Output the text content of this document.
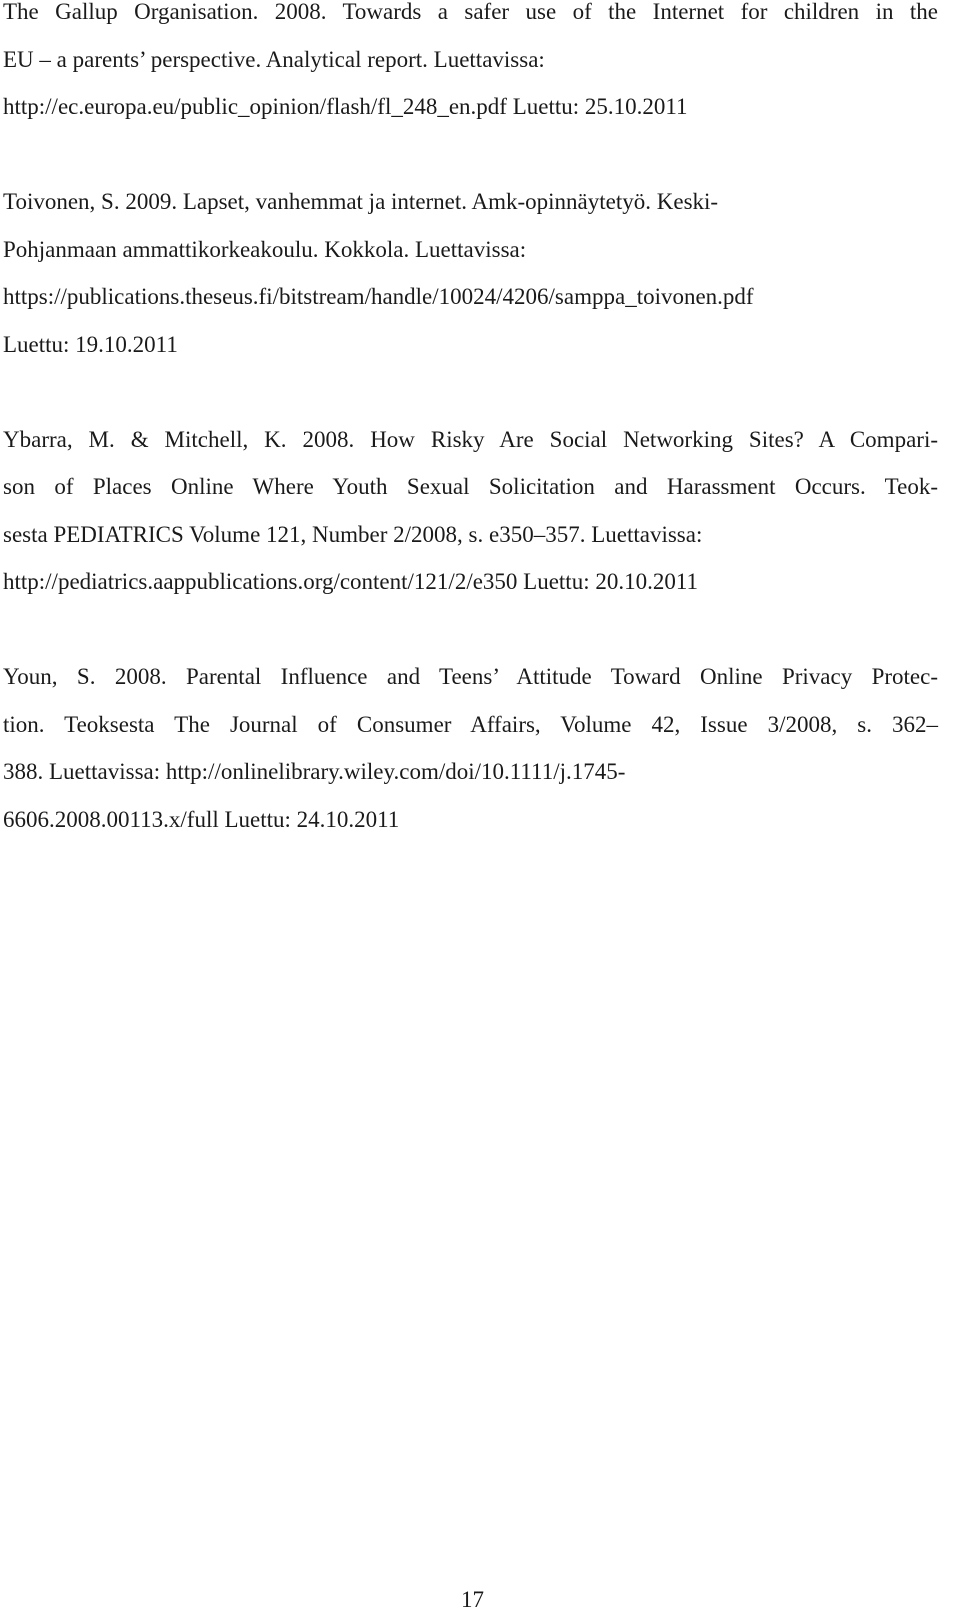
The Gallup Organisation. 2008. Towards a safer use of the Internet for children in the
EU – a parents’ perspective. Analytical report. Luettavissa:
http://ec.europa.eu/public_opinion/flash/fl_248_en.pdf Luettu: 25.10.2011
Toivonen, S. 2009. Lapset, vanhemmat ja internet. Amk-opinnäytetyö. Keski-
Pohjanmaan ammattikorkeakoulu. Kokkola. Luettavissa:
https://publications.theseus.fi/bitstream/handle/10024/4206/samppa_toivonen.pdf
Luettu: 19.10.2011
Ybarra, M. & Mitchell, K. 2008. How Risky Are Social Networking Sites? A Compari-
son of Places Online Where Youth Sexual Solicitation and Harassment Occurs. Teok-
sesta PEDIATRICS Volume 121, Number 2/2008, s. e350–357. Luettavissa:
http://pediatrics.aappublications.org/content/121/2/e350 Luettu: 20.10.2011
Youn, S. 2008. Parental Influence and Teens’ Attitude Toward Online Privacy Protec-
tion. Teoksesta The Journal of Consumer Affairs, Volume 42, Issue 3/2008, s. 362–
388. Luettavissa: http://onlinelibrary.wiley.com/doi/10.1111/j.1745-
6606.2008.00113.x/full Luettu: 24.10.2011
17
